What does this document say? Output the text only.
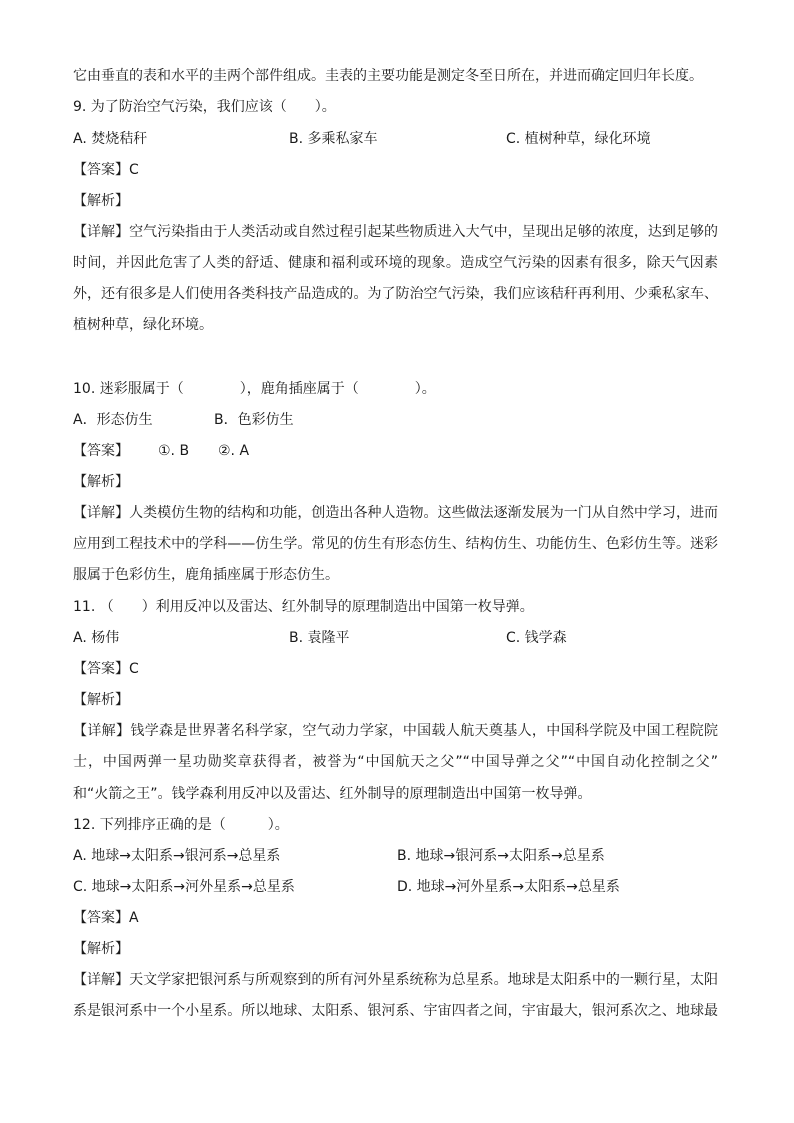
它由垂直的表和水平的圭两个部件组成。圭表的主要功能是测定冬至日所在，并进而确定回归年长度。
9. 为了防治空气污染，我们应该（　　）。
A. 焚烧秸秆	B. 多乘私家车	C. 植树种草，绿化环境
【答案】C
【解析】
【详解】空气污染指由于人类活动或自然过程引起某些物质进入大气中，呈现出足够的浓度，达到足够的
时间，并因此危害了人类的舒适、健康和福利或环境的现象。造成空气污染的因素有很多，除天气因素
外，还有很多是人们使用各类科技产品造成的。为了防治空气污染，我们应该秸秆再利用、少乘私家车、
植树种草，绿化环境。
10. 迷彩服属于（　　　　），鹿角插座属于（　　　　）。
A．形态仿生	B．色彩仿生
【答案】 ①. B ②. A
【解析】
【详解】人类模仿生物的结构和功能，创造出各种人造物。这些做法逐渐发展为一门从自然中学习，进而
应用到工程技术中的学科——仿生学。常见的仿生有形态仿生、结构仿生、功能仿生、色彩仿生等。迷彩
服属于色彩仿生，鹿角插座属于形态仿生。
11. （　　）利用反冲以及雷达、红外制导的原理制造出中国第一枚导弹。
A. 杨伟	B. 袁隆平	C. 钱学森
【答案】C
【解析】
【详解】钱学森是世界著名科学家，空气动力学家，中国载人航天奠基人，中国科学院及中国工程院院
士，中国两弹一星功勋奖章获得者，被誉为“中国航天之父”“中国导弹之父”“中国自动化控制之父”
和“火箭之王”。钱学森利用反冲以及雷达、红外制导的原理制造出中国第一枚导弹。
12. 下列排序正确的是（　　　）。
A. 地球→太阳系→银河系→总星系	B. 地球→银河系→太阳系→总星系
C. 地球→太阳系→河外星系→总星系	D. 地球→河外星系→太阳系→总星系
【答案】A
【解析】
【详解】天文学家把银河系与所观察到的所有河外星系统称为总星系。地球是太阳系中的一颗行星，太阳
系是银河系中一个小星系。所以地球、太阳系、银河系、宇宙四者之间，宇宙最大，银河系次之、地球最
